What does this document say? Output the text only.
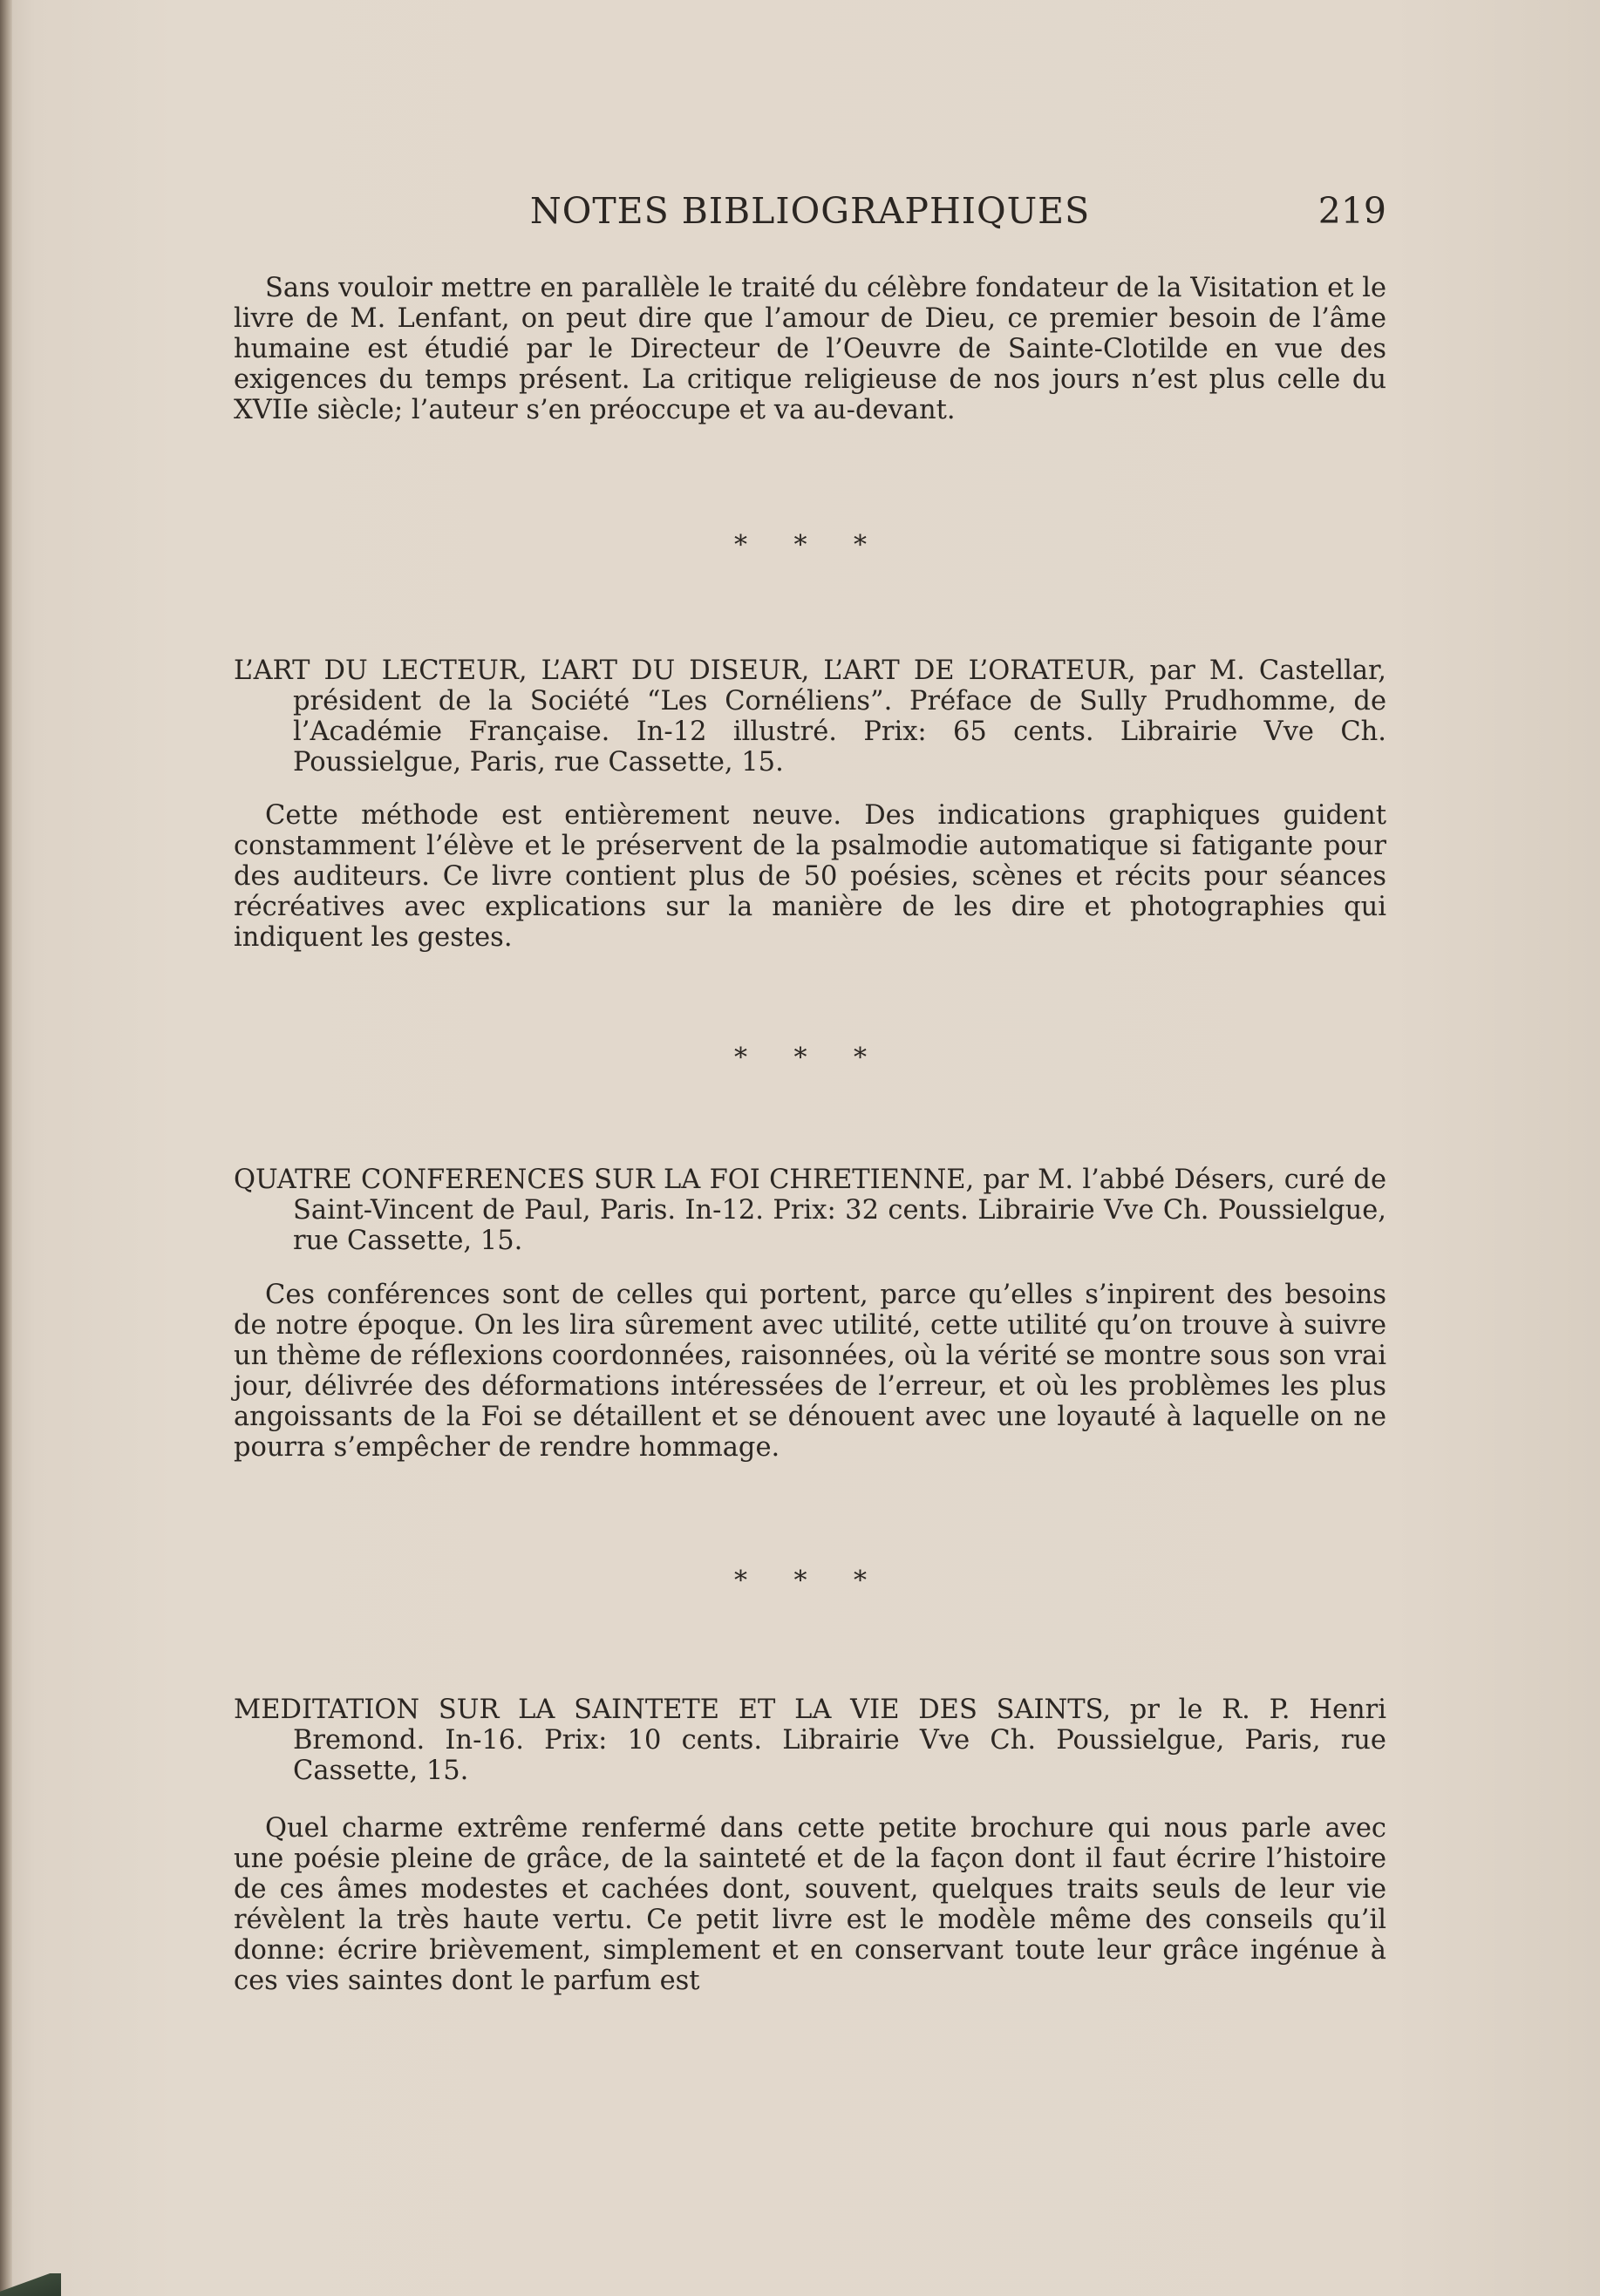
NOTES BIBLIOGRAPHIQUES	219
Sans vouloir mettre en parallèle le traité du célèbre fondateur de la Visitation et le livre de M. Lenfant, on peut dire que l’amour de Dieu, ce premier besoin de l’âme humaine est étudié par le Directeur de l’Oeuvre de Sainte-Clotilde en vue des exigences du temps présent. La critique religieuse de nos jours n’est plus celle du XVIIe siècle; l’auteur s’en préoccupe et va au-devant.
* * *
L’ART DU LECTEUR, L’ART DU DISEUR, L’ART DE L’ORATEUR, par M. Castellar, président de la Société “Les Cornéliens”. Préface de Sully Prudhomme, de l’Académie Française. In-12 illustré. Prix: 65 cents. Librairie Vve Ch. Poussielgue, Paris, rue Cassette, 15.
Cette méthode est entièrement neuve. Des indications graphiques guident constamment l’élève et le préservent de la psalmodie automatique si fatigante pour des auditeurs. Ce livre contient plus de 50 poésies, scènes et récits pour séances récréatives avec explications sur la manière de les dire et photographies qui indiquent les gestes.
* * *
QUATRE CONFERENCES SUR LA FOI CHRETIENNE, par M. l’abbé Désers, curé de Saint-Vincent de Paul, Paris. In-12. Prix: 32 cents. Librairie Vve Ch. Poussielgue, rue Cassette, 15.
Ces conférences sont de celles qui portent, parce qu’elles s’inpirent des besoins de notre époque. On les lira sûrement avec utilité, cette utilité qu’on trouve à suivre un thème de réflexions coordonnées, raisonnées, où la vérité se montre sous son vrai jour, délivrée des déformations intéressées de l’erreur, et où les problèmes les plus angoissants de la Foi se détaillent et se dénouent avec une loyauté à laquelle on ne pourra s’empêcher de rendre hommage.
* * *
MEDITATION SUR LA SAINTETE ET LA VIE DES SAINTS, pr le R. P. Henri Bremond. In-16. Prix: 10 cents. Librairie Vve Ch. Poussielgue, Paris, rue Cassette, 15.
Quel charme extrême renfermé dans cette petite brochure qui nous parle avec une poésie pleine de grâce, de la sainteté et de la façon dont il faut écrire l’histoire de ces âmes modestes et cachées dont, souvent, quelques traits seuls de leur vie révèlent la très haute vertu. Ce petit livre est le modèle même des conseils qu’il donne: écrire brièvement, simplement et en conservant toute leur grâce ingénue à ces vies saintes dont le parfum est
